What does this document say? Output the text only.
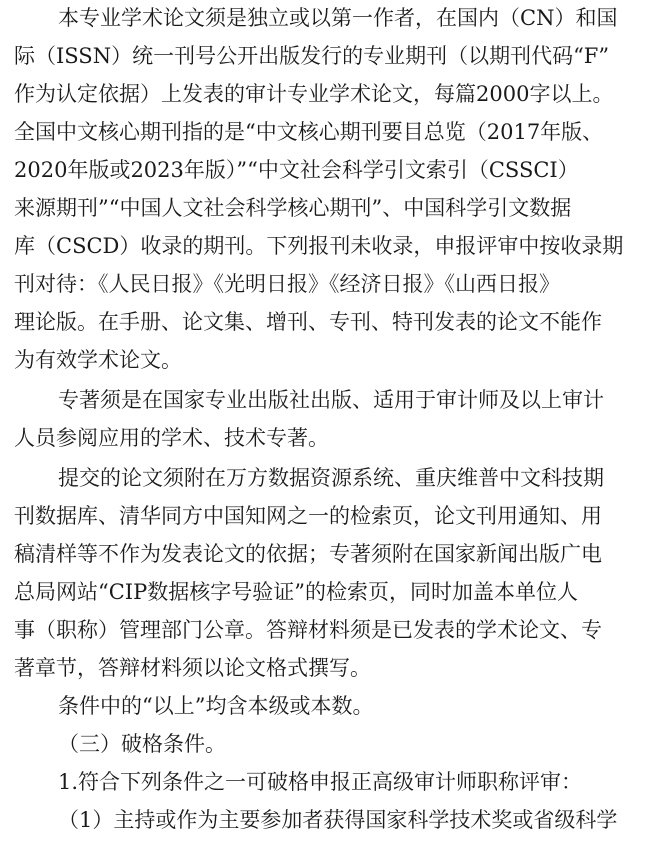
本专业学术论文须是独立或以第一作者，在国内（CN）和国
际（ISSN）统一刊号公开出版发行的专业期刊（以期刊代码“F”
作为认定依据）上发表的审计专业学术论文，每篇2000字以上。
全国中文核心期刊指的是“中文核心期刊要目总览（2017年版、
2020年版或2023年版）”“中文社会科学引文索引（CSSCI）
来源期刊”“中国人文社会科学核心期刊”、中国科学引文数据
库（CSCD）收录的期刊。下列报刊未收录，申报评审中按收录期
刊对待：《人民日报》《光明日报》《经济日报》《山西日报》
理论版。在手册、论文集、增刊、专刊、特刊发表的论文不能作
为有效学术论文。
专著须是在国家专业出版社出版、适用于审计师及以上审计
人员参阅应用的学术、技术专著。
提交的论文须附在万方数据资源系统、重庆维普中文科技期
刊数据库、清华同方中国知网之一的检索页，论文刊用通知、用
稿清样等不作为发表论文的依据；专著须附在国家新闻出版广电
总局网站“CIP数据核字号验证”的检索页，同时加盖本单位人
事（职称）管理部门公章。答辩材料须是已发表的学术论文、专
著章节，答辩材料须以论文格式撰写。
条件中的“以上”均含本级或本数。
（三）破格条件。
1.符合下列条件之一可破格申报正高级审计师职称评审：
（1）主持或作为主要参加者获得国家科学技术奖或省级科学
